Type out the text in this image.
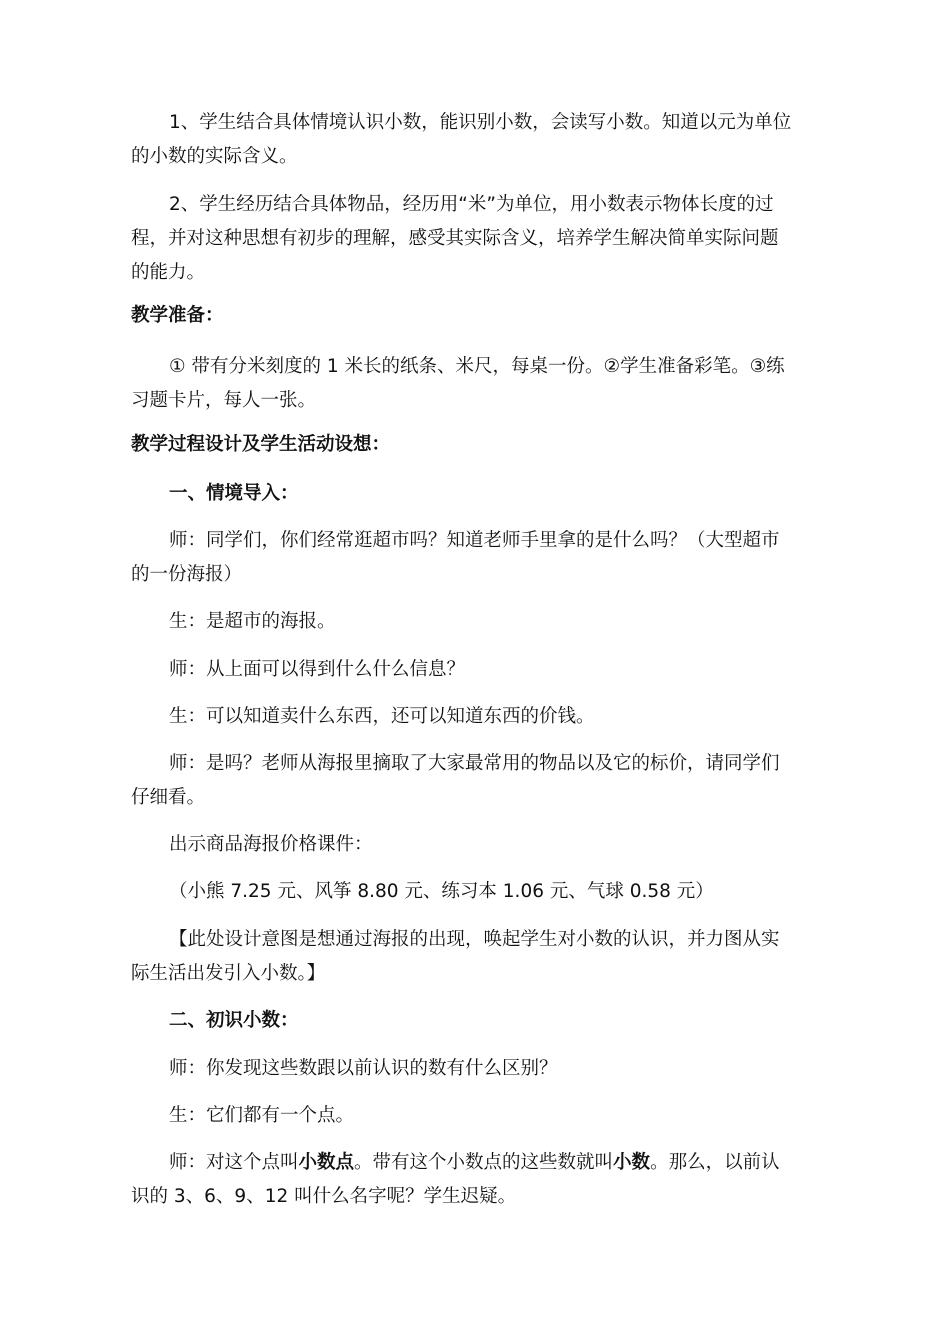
1、学生结合具体情境认识小数，能识别小数，会读写小数。知道以元为单位
的小数的实际含义。

2、学生经历结合具体物品，经历用“米”为单位，用小数表示物体长度的过
程，并对这种思想有初步的理解，感受其实际含义，培养学生解决简单实际问题
的能力。

教学准备：

① 带有分米刻度的 1 米长的纸条、米尺，每桌一份。②学生准备彩笔。③练
习题卡片，每人一张。

教学过程设计及学生活动设想：

一、情境导入：

师：同学们，你们经常逛超市吗？知道老师手里拿的是什么吗？（大型超市
的一份海报）

生：是超市的海报。

师：从上面可以得到什么什么信息？

生：可以知道卖什么东西，还可以知道东西的价钱。

师：是吗？老师从海报里摘取了大家最常用的物品以及它的标价，请同学们
仔细看。

出示商品海报价格课件：

（小熊 7.25 元、风筝 8.80 元、练习本 1.06 元、气球 0.58 元）

【此处设计意图是想通过海报的出现，唤起学生对小数的认识，并力图从实
际生活出发引入小数。】

二、初识小数：

师：你发现这些数跟以前认识的数有什么区别？

生：它们都有一个点。

师：对这个点叫小数点。带有这个小数点的这些数就叫小数。那么，以前认
识的 3、6、9、12 叫什么名字呢？学生迟疑。
